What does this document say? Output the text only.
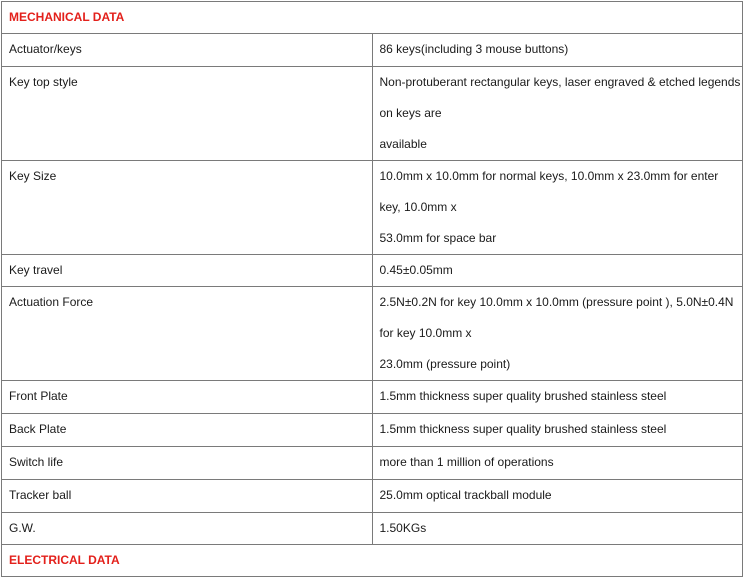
MECHANICAL DATA	
Actuator/keys	86 keys(including 3 mouse buttons)
Key top style	Non-protuberant rectangular keys, laser engraved & etched legends on keys are
available

Key Size	10.0mm x 10.0mm for normal keys, 10.0mm x 23.0mm for enter key, 10.0mm x
53.0mm for space bar

Key travel	0.45±0.05mm
Actuation Force	2.5N±0.2N for key 10.0mm x 10.0mm (pressure point ), 5.0N±0.4N for key 10.0mm x
23.0mm (pressure point)

Front Plate	1.5mm thickness super quality brushed stainless steel
Back Plate	1.5mm thickness super quality brushed stainless steel
Switch life	more than 1 million of operations
Tracker ball	25.0mm optical trackball module
G.W.	1.50KGs
ELECTRICAL DATA	
